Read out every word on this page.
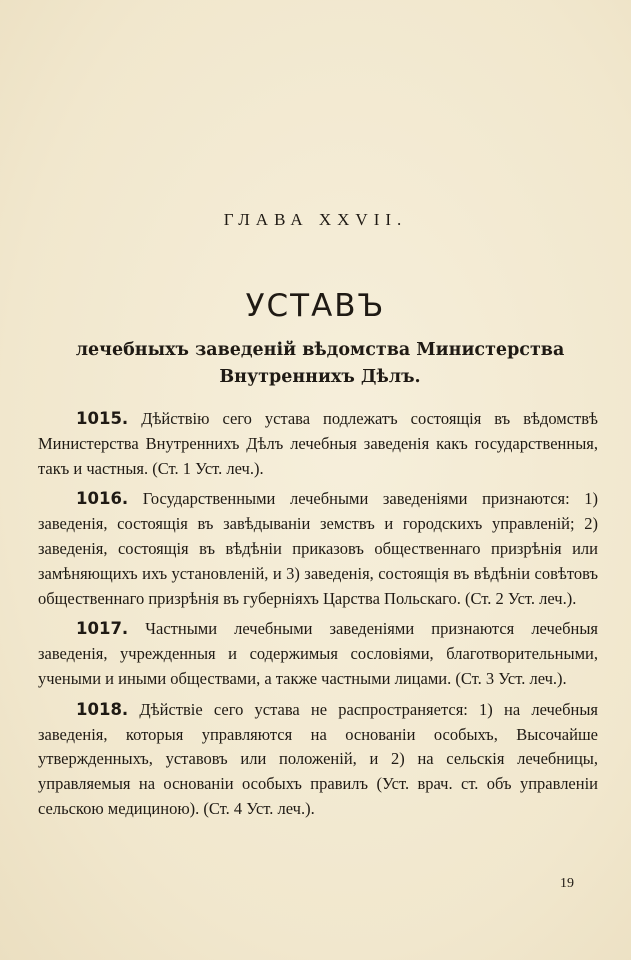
ГЛАВА XXVII.
УСТАВЪ
лечебныхъ заведеній вѣдомства Министерства
Внутреннихъ Дѣлъ.

1015. Дѣйствію сего устава подлежатъ состоящія въ вѣдомствѣ Министерства Внутреннихъ Дѣлъ лечебныя заведенія какъ государственныя, такъ и частныя. (Ст. 1 Уст. леч.).

1016. Государственными лечебными заведеніями признаются: 1) заведенія, состоящія въ завѣдываніи земствъ и городскихъ управленій; 2) заведенія, состоящія въ вѣдѣніи приказовъ общественнаго призрѣнія или замѣняющихъ ихъ установленій, и 3) заведенія, состоящія въ вѣдѣніи совѣтовъ общественнаго призрѣнія въ губерніяхъ Царства Польскаго. (Ст. 2 Уст. леч.).

1017. Частными лечебными заведеніями признаются лечебныя заведенія, учрежденныя и содержимыя сословіями, благотворительными, учеными и иными обществами, а также частными лицами. (Ст. 3 Уст. леч.).

1018. Дѣйствіе сего устава не распространяется: 1) на лечебныя заведенія, которыя управляются на основаніи особыхъ, Высочайше утвержденныхъ, уставовъ или положеній, и 2) на сельскія лечебницы, управляемыя на основаніи особыхъ правилъ (Уст. врач. ст. объ управленіи сельскою медициною). (Ст. 4 Уст. леч.).

19
